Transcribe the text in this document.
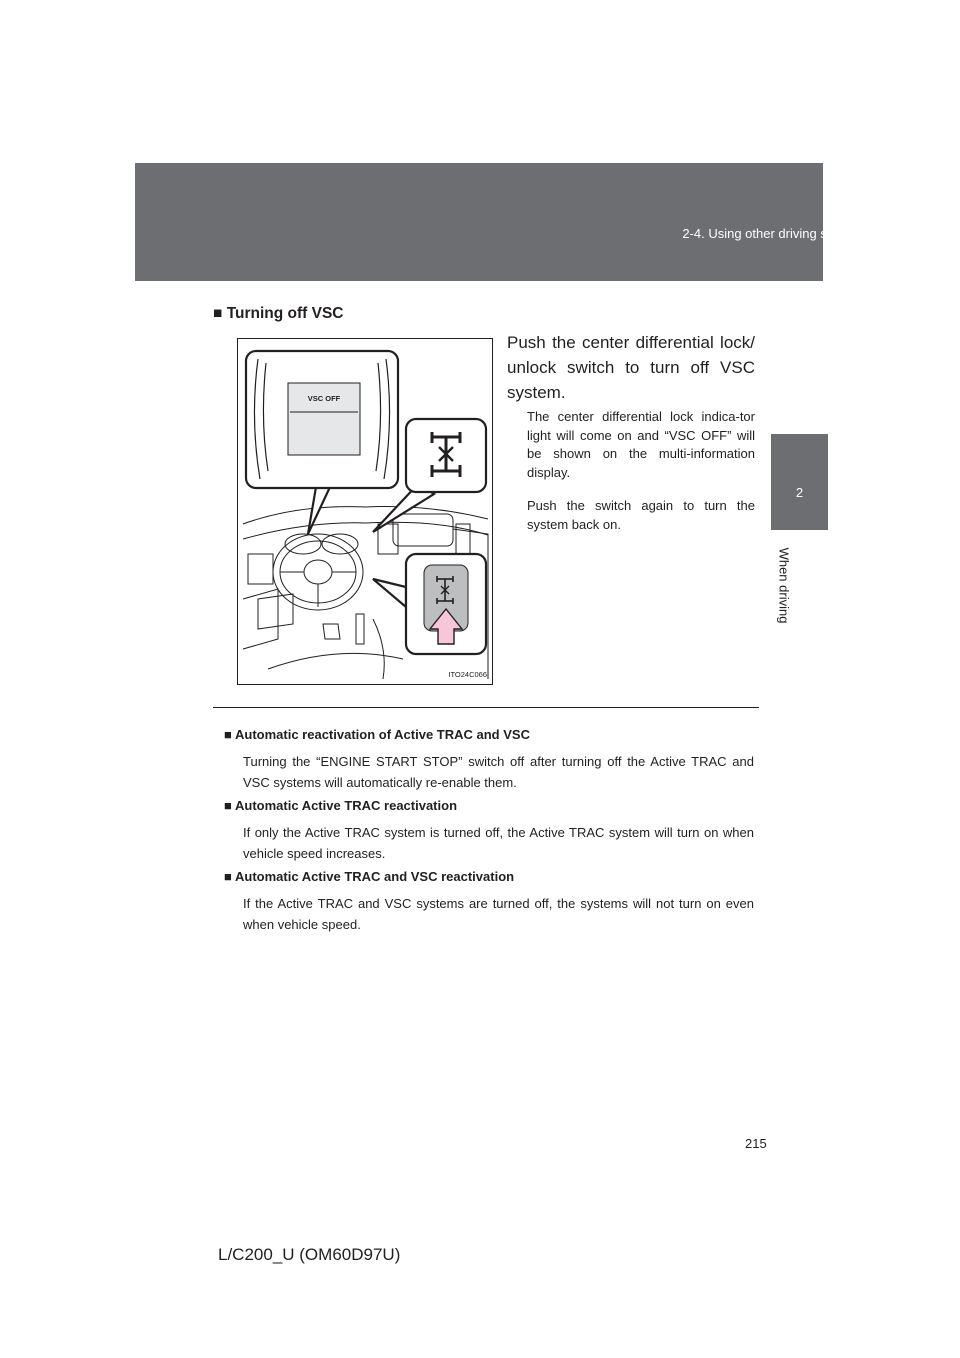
2-4. Using other driving systems
2
When driving
■ Turning off VSC
VSC OFF
ITO24C066
Push the center differential lock/ unlock switch to turn off VSC system.
The center differential lock indica-tor light will come on and “VSC OFF” will be shown on the multi-information display.
Push the switch again to turn the system back on.
■ Automatic reactivation of Active TRAC and VSC
Turning the “ENGINE START STOP” switch off after turning off the Active TRAC and VSC systems will automatically re-enable them.
■ Automatic Active TRAC reactivation
If only the Active TRAC system is turned off, the Active TRAC system will turn on when vehicle speed increases.
■ Automatic Active TRAC and VSC reactivation
If the Active TRAC and VSC systems are turned off, the systems will not turn on even when vehicle speed.
215
L/C200_U (OM60D97U)
